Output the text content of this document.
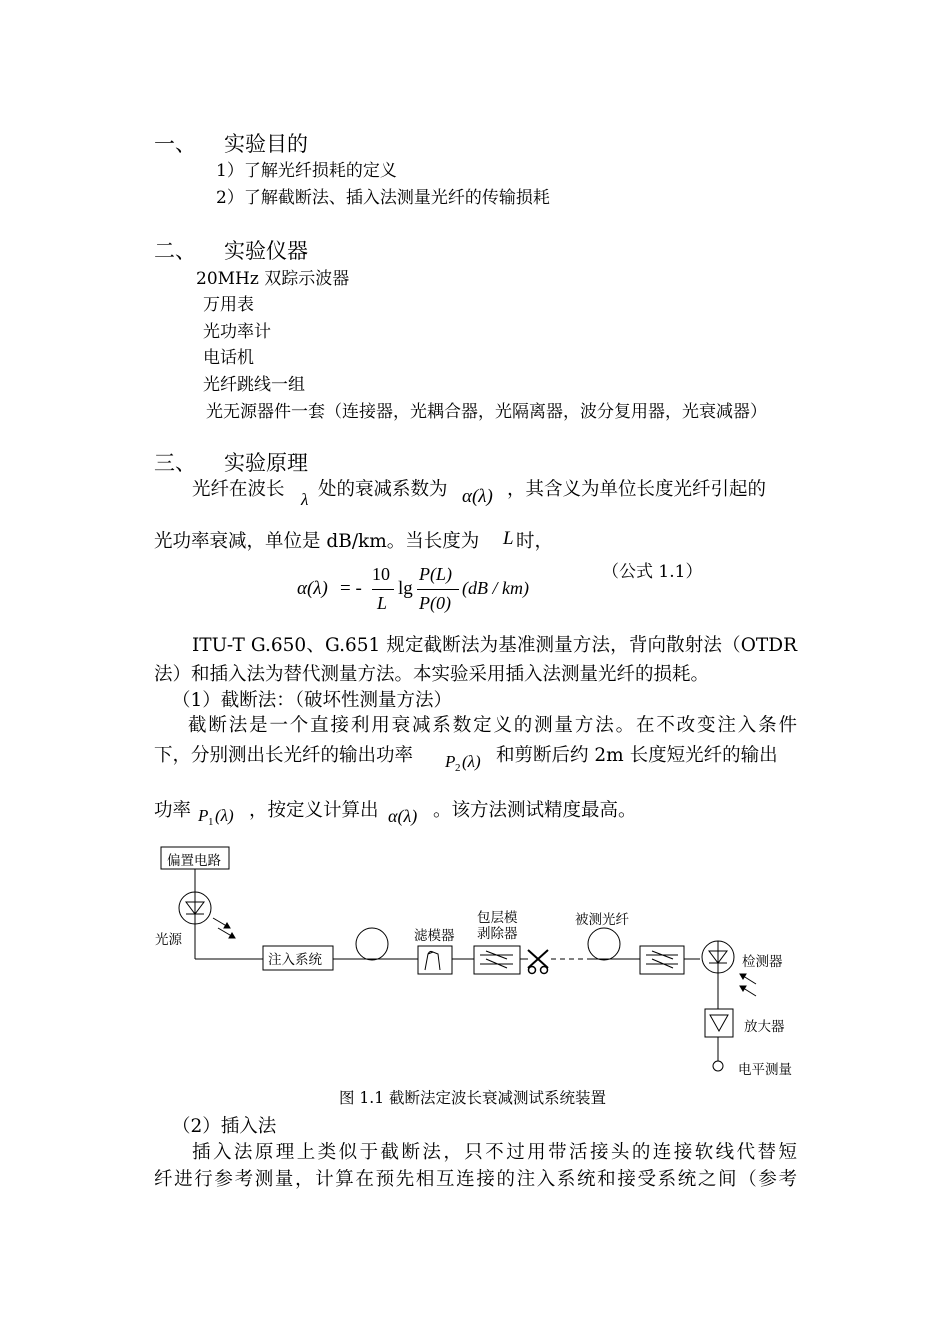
一、 实验目的
1）了解光纤损耗的定义
2）了解截断法、插入法测量光纤的传输损耗
二、 实验仪器
20MHz 双踪示波器
万用表
光功率计
电话机
光纤跳线一组
光无源器件一套（连接器，光耦合器，光隔离器，波分复用器，光衰减器）
三、 实验原理
光纤在波长 λ 处的衰减系数为 α(λ) ，其含义为单位长度光纤引起的
光功率衰减，单位是 dB/km。当长度为 L 时，
α(λ) = -
10
L
lg
P(L)
P(0)
(dB / km)
（公式 1.1）
ITU-T G.650、G.651 规定截断法为基准测量方法，背向散射法（OTDR
法）和插入法为替代测量方法。本实验采用插入法测量光纤的损耗。
（1）截断法：（破坏性测量方法）
截断法是一个直接利用衰减系数定义的测量方法。在不改变注入条件
下，分别测出长光纤的输出功率 P 2 (λ) 和剪断后约 2m 长度短光纤的输出
功率 P 1 (λ) ，按定义计算出 α(λ) 。该方法测试精度最高。
偏置电路
光源
注入系统
滤模器
包层模
剥除器
被测光纤
检测器
放大器
电平测量
图 1.1 截断法定波长衰减测试系统装置
（2）插入法
插入法原理上类似于截断法，只不过用带活接头的连接软线代替短
纤进行参考测量，计算在预先相互连接的注入系统和接受系统之间（参考
